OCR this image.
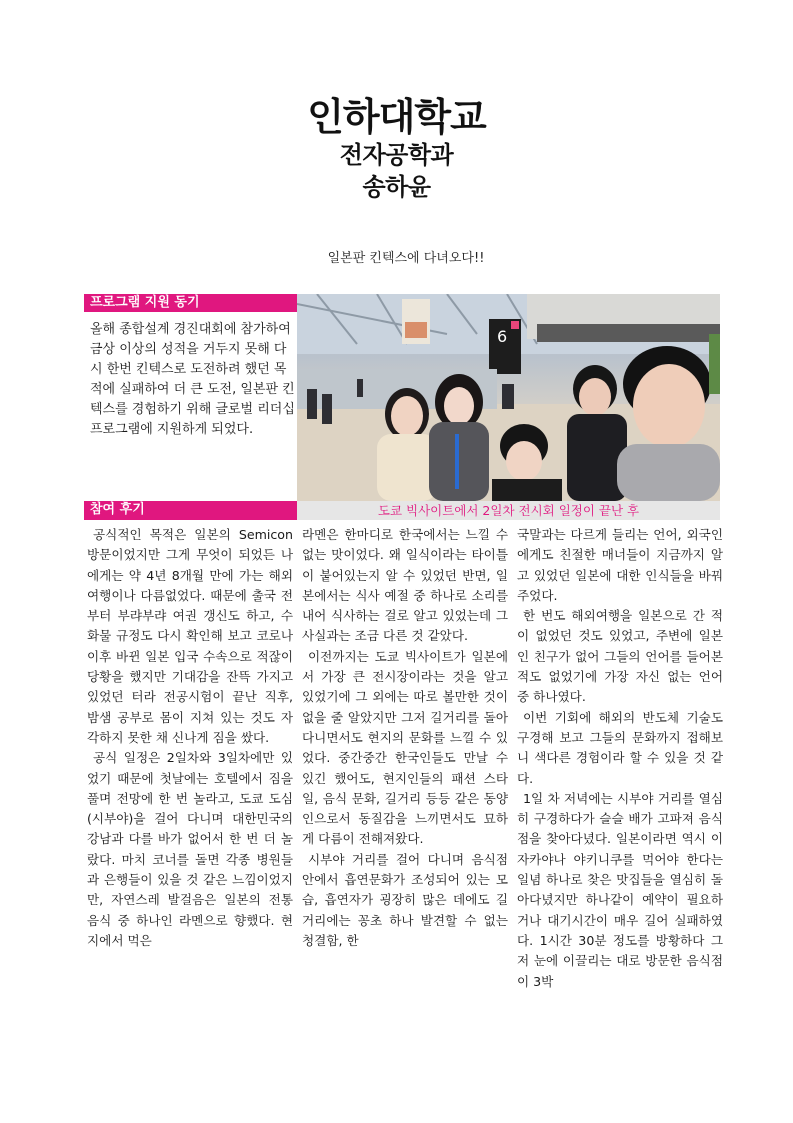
인하대학교
전자공학과
송하윤
일본판 킨텍스에 다녀오다!!
프로그램 지원 동기
올해 종합설계 경진대회에 참가하여 금상 이상의 성적을 거두지 못해 다시 한번 킨텍스로 도전하려 했던 목적에 실패하여 더 큰 도전, 일본판 킨텍스를 경험하기 위해 글로벌 리더십 프로그램에 지원하게 되었다.
6
참여 후기	도쿄 빅사이트에서 2일차 전시회 일정이 끝난 후

공식적인 목적은 일본의 Semicon 방문이었지만 그게 무엇이 되었든 나에게는 약 4년 8개월 만에 가는 해외여행이나 다름없었다. 때문에 출국 전부터 부랴부랴 여권 갱신도 하고, 수화물 규정도 다시 확인해 보고 코로나 이후 바뀐 일본 입국 수속으로 적잖이 당황을 했지만 기대감을 잔뜩 가지고 있었던 터라 전공시험이 끝난 직후, 밤샘 공부로 몸이 지쳐 있는 것도 자각하지 못한 채 신나게 짐을 쌌다.

공식 일정은 2일차와 3일차에만 있었기 때문에 첫날에는 호텔에서 짐을 풀며 전망에 한 번 놀라고, 도쿄 도심(시부야)을 걸어 다니며 대한민국의 강남과 다를 바가 없어서 한 번 더 놀랐다. 마치 코너를 돌면 각종 병원들과 은행들이 있을 것 같은 느낌이었지만, 자연스레 발걸음은 일본의 전통 음식 중 하나인 라멘으로 향했다. 현지에서 먹은

라멘은 한마디로 한국에서는 느낄 수 없는 맛이었다. 왜 일식이라는 타이틀이 붙어있는지 알 수 있었던 반면, 일본에서는 식사 예절 중 하나로 소리를 내어 식사하는 걸로 알고 있었는데 그 사실과는 조금 다른 것 같았다.

이전까지는 도쿄 빅사이트가 일본에서 가장 큰 전시장이라는 것을 알고 있었기에 그 외에는 따로 볼만한 것이 없을 줄 알았지만 그저 길거리를 돌아다니면서도 현지의 문화를 느낄 수 있었다. 중간중간 한국인들도 만날 수 있긴 했어도, 현지인들의 패션 스타일, 음식 문화, 길거리 등등 같은 동양인으로서 동질감을 느끼면서도 묘하게 다름이 전해져왔다.

시부야 거리를 걸어 다니며 음식점 안에서 흡연문화가 조성되어 있는 모습, 흡연자가 굉장히 많은 데에도 길거리에는 꽁초 하나 발견할 수 없는 청결함, 한

국말과는 다르게 들리는 언어, 외국인에게도 친절한 매너들이 지금까지 알고 있었던 일본에 대한 인식들을 바꿔주었다.

한 번도 해외여행을 일본으로 간 적이 없었던 것도 있었고, 주변에 일본인 친구가 없어 그들의 언어를 들어본 적도 없었기에 가장 자신 없는 언어 중 하나였다.

이번 기회에 해외의 반도체 기술도 구경해 보고 그들의 문화까지 접해보니 색다른 경험이라 할 수 있을 것 같다.

1일 차 저녁에는 시부야 거리를 열심히 구경하다가 슬슬 배가 고파져 음식점을 찾아다녔다. 일본이라면 역시 이자카야나 야키니쿠를 먹어야 한다는 일념 하나로 찾은 맛집들을 열심히 돌아다녔지만 하나같이 예약이 필요하거나 대기시간이 매우 길어 실패하였다. 1시간 30분 정도를 방황하다 그저 눈에 이끌리는 대로 방문한 음식점이 3박
